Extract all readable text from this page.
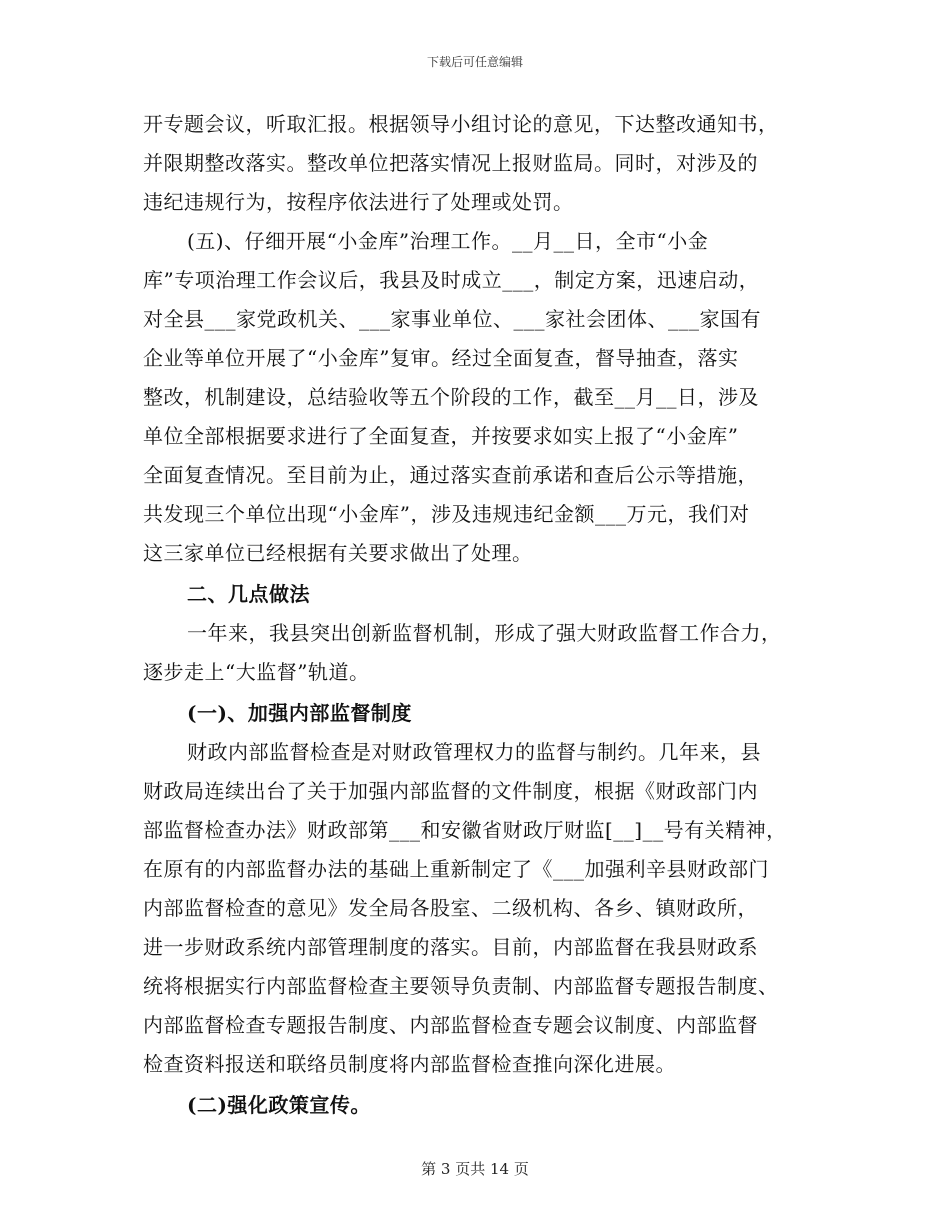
下载后可任意编辑
开专题会议，听取汇报。根据领导小组讨论的意见，下达整改通知书，
并限期整改落实。整改单位把落实情况上报财监局。同时，对涉及的
违纪违规行为，按程序依法进行了处理或处罚。
(五)、仔细开展“小金库”治理工作。__月__日，全市“小金
库”专项治理工作会议后，我县及时成立___，制定方案，迅速启动，
对全县___家党政机关、___家事业单位、___家社会团体、___家国有
企业等单位开展了“小金库”复审。经过全面复查，督导抽查，落实
整改，机制建设，总结验收等五个阶段的工作，截至__月__日，涉及
单位全部根据要求进行了全面复查，并按要求如实上报了“小金库”
全面复查情况。至目前为止，通过落实查前承诺和查后公示等措施，
共发现三个单位出现“小金库”，涉及违规违纪金额___万元，我们对
这三家单位已经根据有关要求做出了处理。
二、几点做法
一年来，我县突出创新监督机制，形成了强大财政监督工作合力，
逐步走上“大监督”轨道。
(一)、加强内部监督制度
财政内部监督检查是对财政管理权力的监督与制约。几年来，县
财政局连续出台了关于加强内部监督的文件制度，根据《财政部门内
部监督检查办法》财政部第___和安徽省财政厅财监[__]__号有关精神，
在原有的内部监督办法的基础上重新制定了《___加强利辛县财政部门
内部监督检查的意见》发全局各股室、二级机构、各乡、镇财政所，
进一步财政系统内部管理制度的落实。目前，内部监督在我县财政系
统将根据实行内部监督检查主要领导负责制、内部监督专题报告制度、
内部监督检查专题报告制度、内部监督检查专题会议制度、内部监督
检查资料报送和联络员制度将内部监督检查推向深化进展。
(二)强化政策宣传。
第 3 页共 14 页
